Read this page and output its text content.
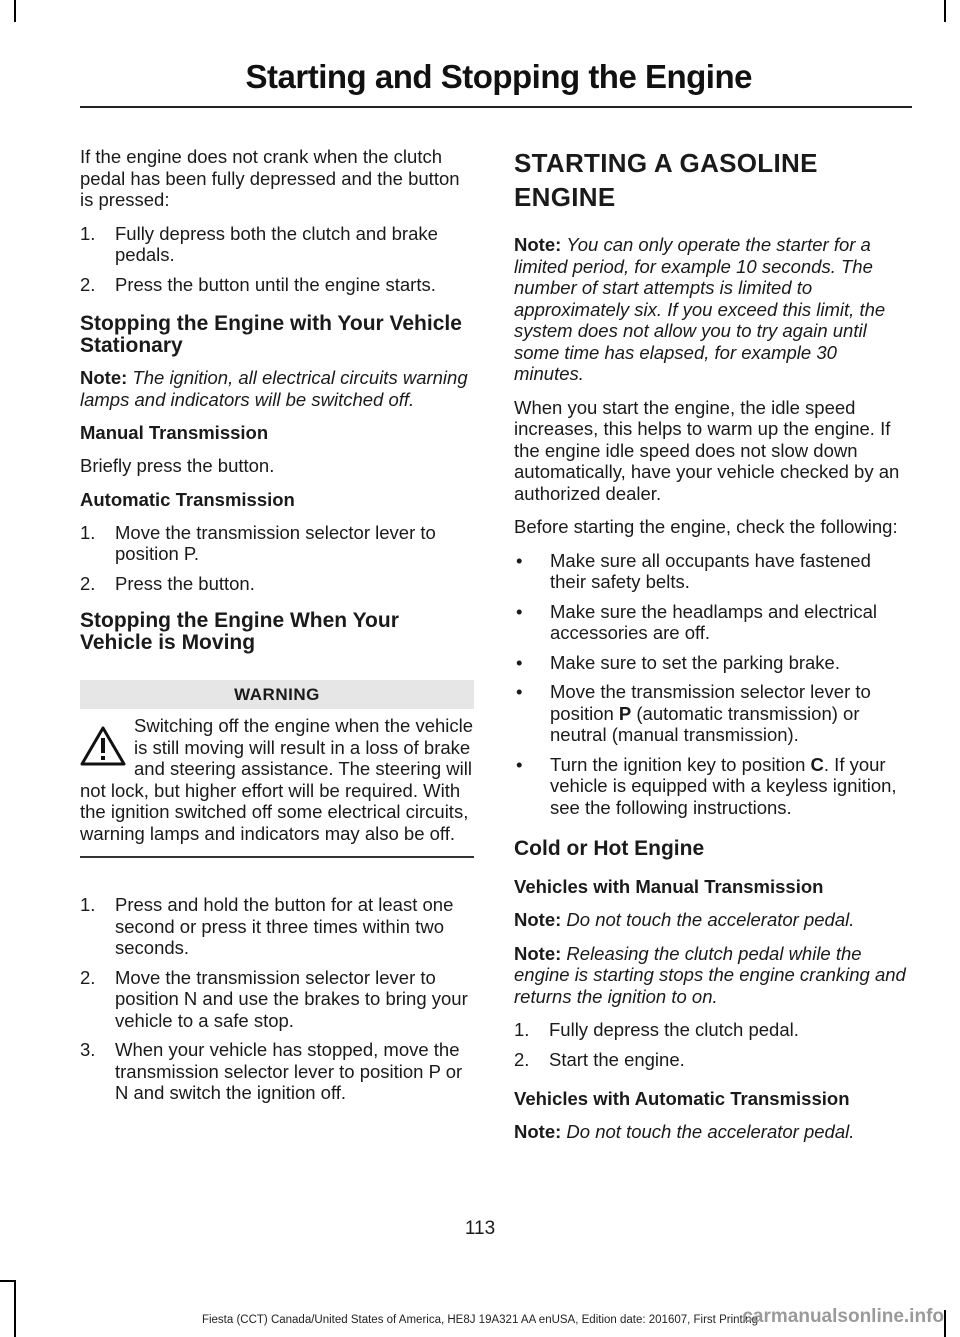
Starting and Stopping the Engine

If the engine does not crank when the clutch pedal has been fully depressed and the button is pressed:

1.	Fully depress both the clutch and brake pedals.
2.	Press the button until the engine starts.
Stopping the Engine with Your Vehicle Stationary

Note: The ignition, all electrical circuits warning lamps and indicators will be switched off.

Manual Transmission

Briefly press the button.

Automatic Transmission
1.	Move the transmission selector lever to position P.
2.	Press the button.
Stopping the Engine When Your Vehicle is Moving
WARNING
Switching off the engine when the vehicle is still moving will result in a loss of brake and steering assistance. The steering will not lock, but higher effort will be required. With the ignition switched off some electrical circuits, warning lamps and indicators may also be off.
1.	Press and hold the button for at least one second or press it three times within two seconds.
2.	Move the transmission selector lever to position N and use the brakes to bring your vehicle to a safe stop.
3.	When your vehicle has stopped, move the transmission selector lever to position P or N and switch the ignition off.
STARTING A GASOLINE
ENGINE

Note: You can only operate the starter for a limited period, for example 10 seconds. The number of start attempts is limited to approximately six. If you exceed this limit, the system does not allow you to try again until some time has elapsed, for example 30 minutes.

When you start the engine, the idle speed increases, this helps to warm up the engine. If the engine idle speed does not slow down automatically, have your vehicle checked by an authorized dealer.

Before starting the engine, check the following:

•	Make sure all occupants have fastened their safety belts.
•	Make sure the headlamps and electrical accessories are off.
•	Make sure to set the parking brake.
•	Move the transmission selector lever to position P (automatic transmission) or neutral (manual transmission).
•	Turn the ignition key to position C. If your vehicle is equipped with a keyless ignition, see the following instructions.
Cold or Hot Engine
Vehicles with Manual Transmission

Note: Do not touch the accelerator pedal.

Note: Releasing the clutch pedal while the engine is starting stops the engine cranking and returns the ignition to on.

1.	Fully depress the clutch pedal.
2.	Start the engine.
Vehicles with Automatic Transmission

Note: Do not touch the accelerator pedal.

113
Fiesta (CCT) Canada/United States of America, HE8J 19A321 AA enUSA, Edition date: 201607, First Printing
carmanualsonline.info
